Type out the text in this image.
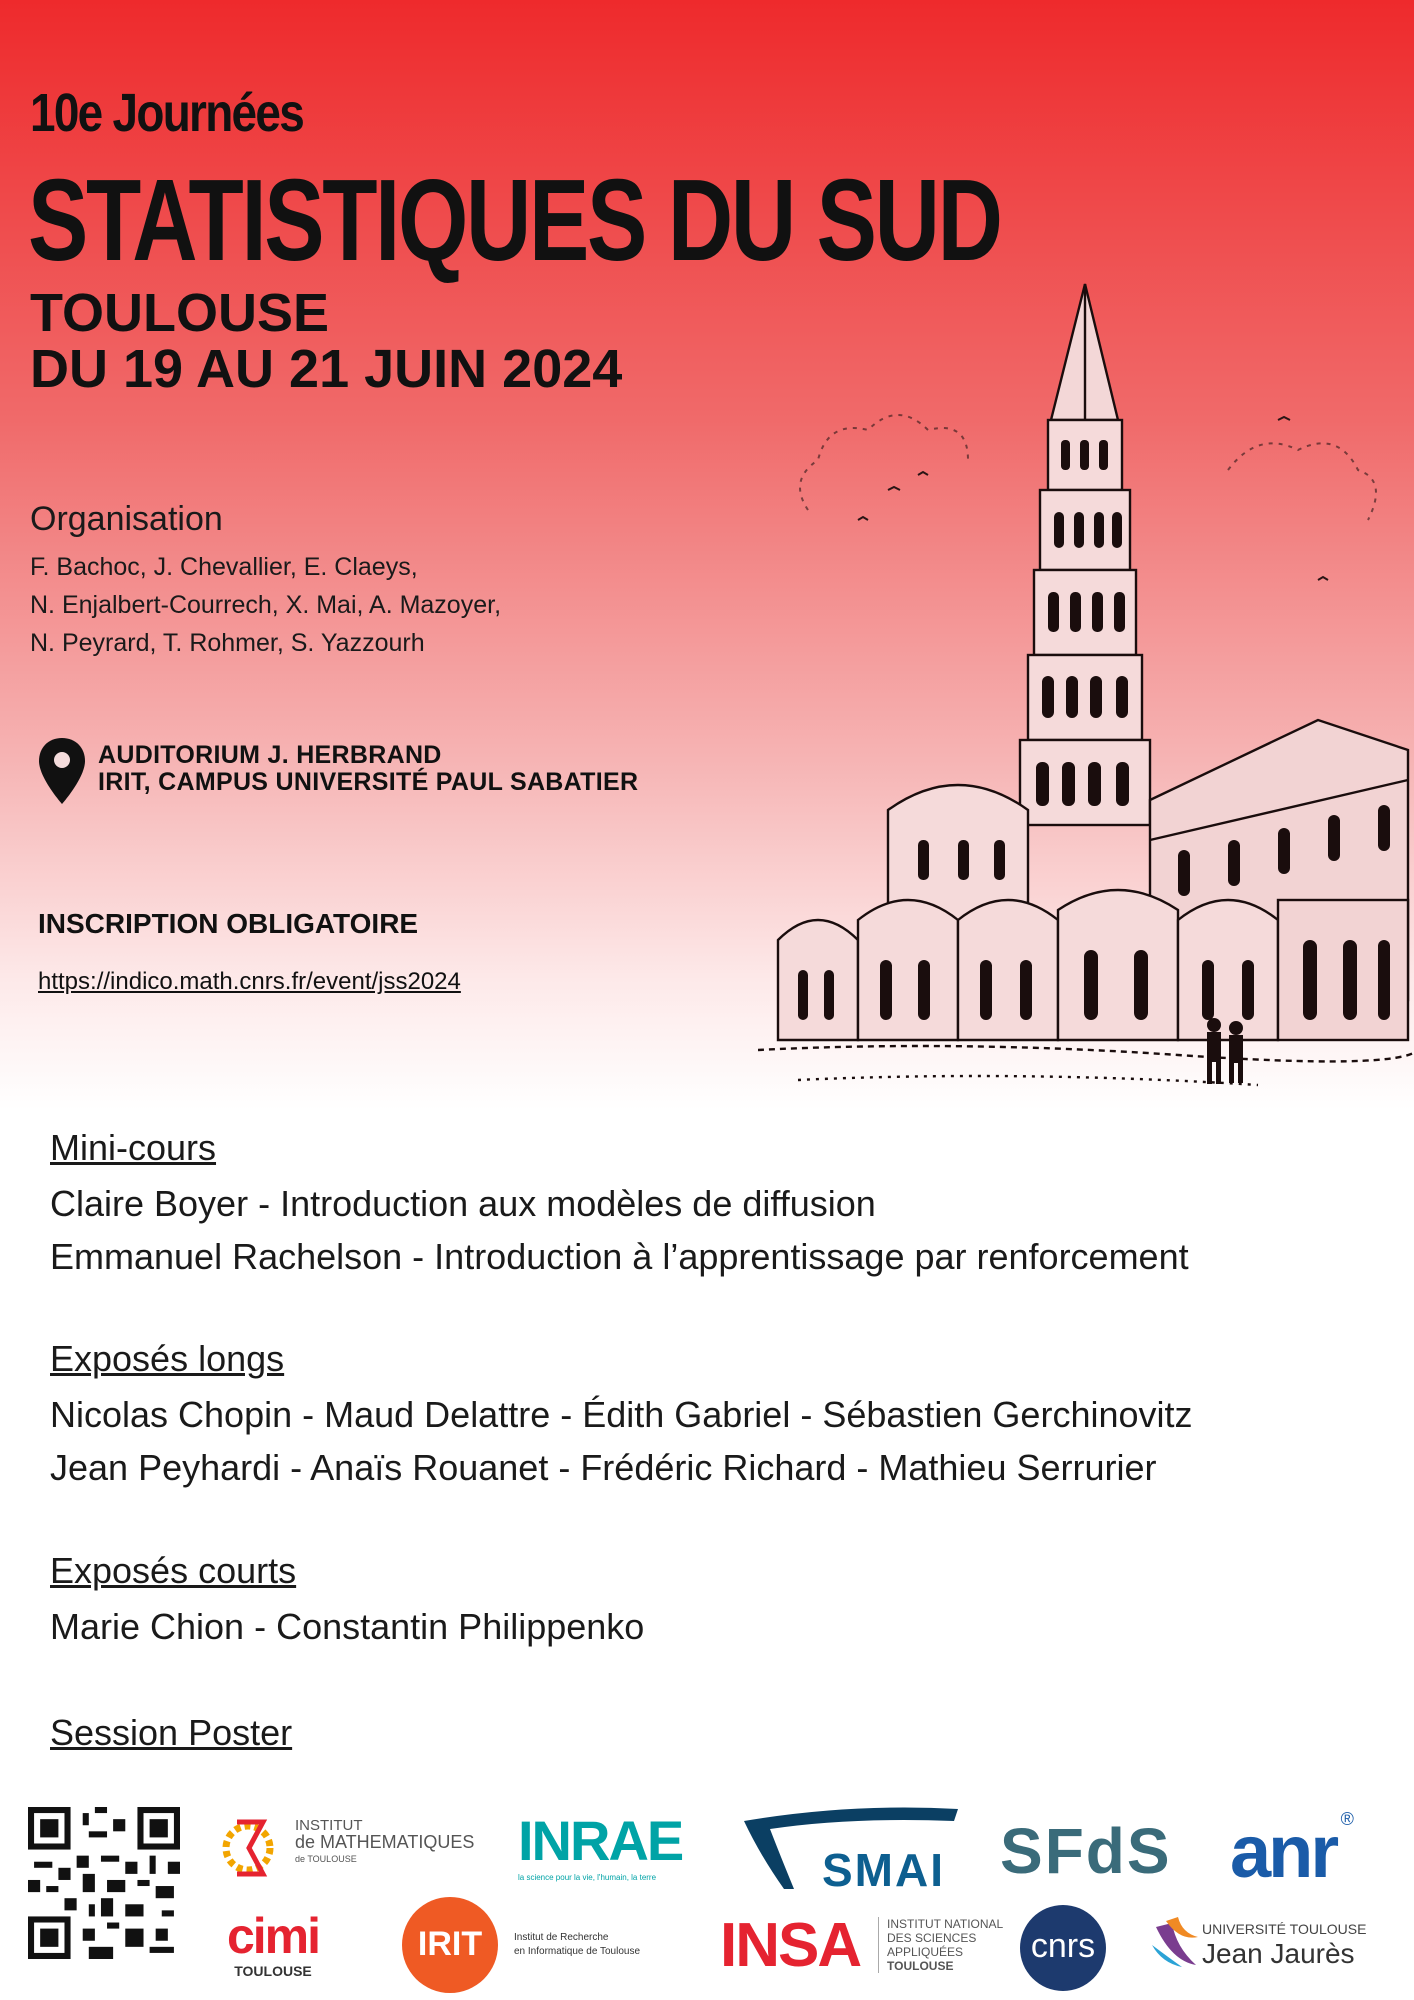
10e Journées
STATISTIQUES DU SUD
TOULOUSE
DU 19 AU 21 JUIN 2024
Organisation
F. Bachoc, J. Chevallier, E. Claeys,
N. Enjalbert-Courrech, X. Mai, A. Mazoyer,
N. Peyrard, T. Rohmer, S. Yazzourh
AUDITORIUM J. HERBRAND
IRIT, CAMPUS UNIVERSITÉ PAUL SABATIER
INSCRIPTION OBLIGATOIRE
https://indico.math.cnrs.fr/event/jss2024
Mini-cours
Claire Boyer - Introduction aux modèles de diffusion
Emmanuel Rachelson - Introduction à l’apprentissage par renforcement
Exposés longs
Nicolas Chopin - Maud Delattre - Édith Gabriel - Sébastien Gerchinovitz
Jean Peyhardi - Anaïs Rouanet - Frédéric Richard - Mathieu Serrurier
Exposés courts
Marie Chion - Constantin Philippenko
Session Poster
INSTITUT
de MATHEMATIQUES
de TOULOUSE	INRAE
la science pour la vie, l'humain, la terre	SMAI SFdS anr ®
cimi
TOULOUSE
IRIT	Institut de Recherche
en Informatique de Toulouse	INSA INSTITUT NATIONAL
DES SCIENCES
APPLIQUÉES
TOULOUSE
cnrs	UNIVERSITÉ TOULOUSE
Jean Jaurès
